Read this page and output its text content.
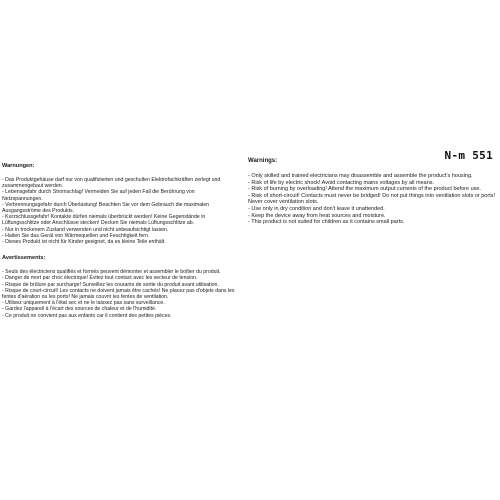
N-m 551
Warnungen:
- Das Produktgehäuse darf nur von qualifizierten und geschulten Elektrofachkräften zerlegt und zusammengebaut werden.
- Lebensgefahr durch Stromschlag! Vermeiden Sie auf jeden Fall die Berührung von Netzspannungen.
- Verbrennungsgefahr durch Überlastung! Beachten Sie vor dem Gebrauch die maximalen Ausgangsströme des Produkts.
- Kurzschlussgefahr! Kontakte dürfen niemals überbrückt werden! Keine Gegenstände in Lüftungsschlitze oder Anschlüsse stecken! Decken Sie niemals Lüftungsschlitze ab.
- Nur in trockenem Zustand verwenden und nicht unbeaufsichtigt lassen.
- Halten Sie das Gerät von Wärmequellen und Feuchtigkeit fern.
- Dieses Produkt ist nicht für Kinder geeignet, da es kleine Teile enthält.
Avertissements:
- Seuls des électriciens qualifiés et formés peuvent démonter et assembler le boîtier du produit.
- Danger de mort par choc électrique! Évitez tout contact avec les secteur de tension.
- Risque de brûlure par surcharge! Surveillez les courants de sortie du produit avant utilisation.
- Risque de court-circuit! Les contacts ne doivent jamais être cachés! Ne placez pas d'objets dans les fentes d'aération ou les ports! Ne jamais couvrir les fentes de ventilation.
- Utilisez uniquement à l'état sec et ne le laissez pas sans surveillance.
- Gardez l'appareil à l'écart des sources de chaleur et de l'humidité.
- Ce produit ne convient pas aux enfants car il contient des petites pièces.
Warnings:
- Only skilled and trained electricians may disassemble and assemble the product's housing.
- Risk of life by electric shock! Avoid contacting mains voltages by all means.
- Risk of burning by overloading! Attend the maximum output currents of the product before use.
- Risk of short-circuit! Contacts must never be bridged! Do not put things into ventilation slots or ports! Never cover ventilation slots.
- Use only in dry condition and don't leave it unattended.
- Keep the device away from heat sources and moisture.
- This product is not suited for children as it contains small parts.
